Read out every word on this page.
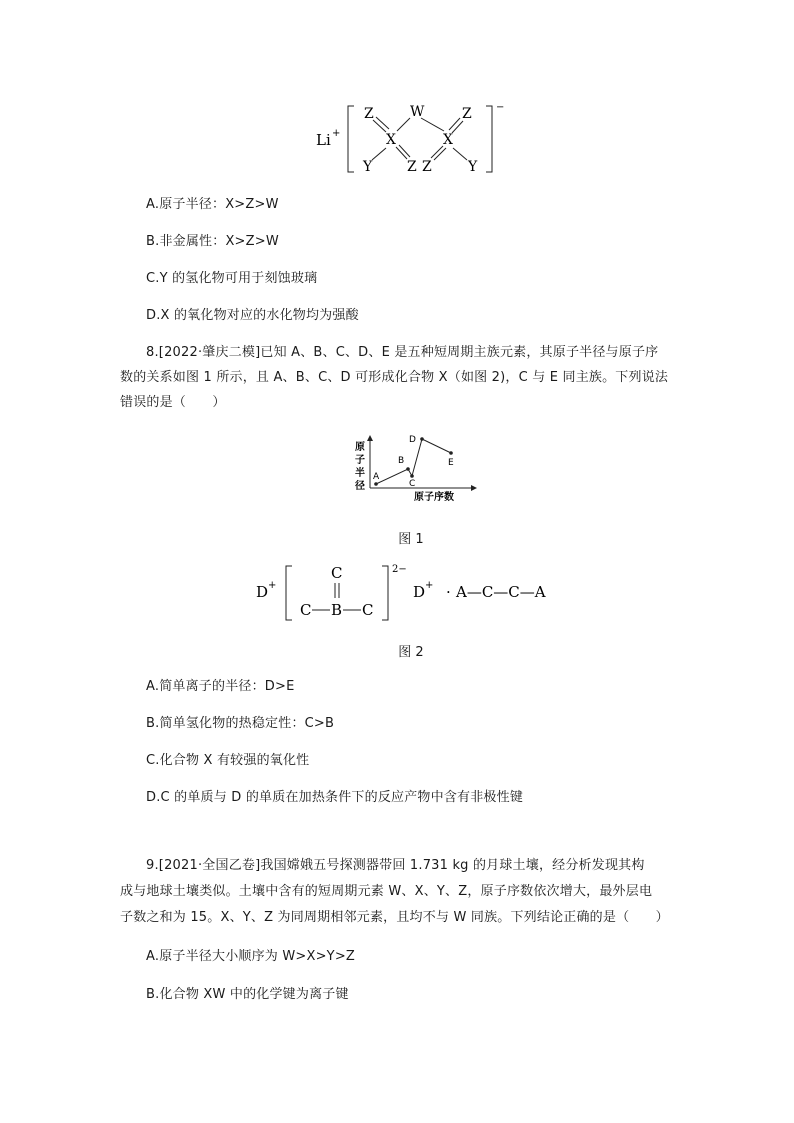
Li +
−
Z	W	Z
X	X
Y Z Z	Y
A.原子半径：X>Z>W
B.非金属性：X>Z>W
C.Y 的氢化物可用于刻蚀玻璃
D.X 的氧化物对应的水化物均为强酸
8.[2022·肇庆二模]已知 A、B、C、D、E 是五种短周期主族元素，其原子半径与原子序
数的关系如图 1 所示，且 A、B、C、D 可形成化合物 X（如图 2)，C 与 E 同主族。下列说法
错误的是（　　）
原
子
半
径
A
B
C
D
E
原子序数
图 1
D +
C
C B C
2−
D + · A—C—C—A
图 2
A.简单离子的半径：D>E
B.简单氢化物的热稳定性：C>B
C.化合物 X 有较强的氧化性
D.C 的单质与 D 的单质在加热条件下的反应产物中含有非极性键
9.[2021·全国乙卷]我国嫦娥五号探测器带回 1.731 kg 的月球土壤，经分析发现其构
成与地球土壤类似。土壤中含有的短周期元素 W、X、Y、Z，原子序数依次增大，最外层电
子数之和为 15。X、Y、Z 为同周期相邻元素，且均不与 W 同族。下列结论正确的是（　　）
A.原子半径大小顺序为 W>X>Y>Z
B.化合物 XW 中的化学键为离子键
